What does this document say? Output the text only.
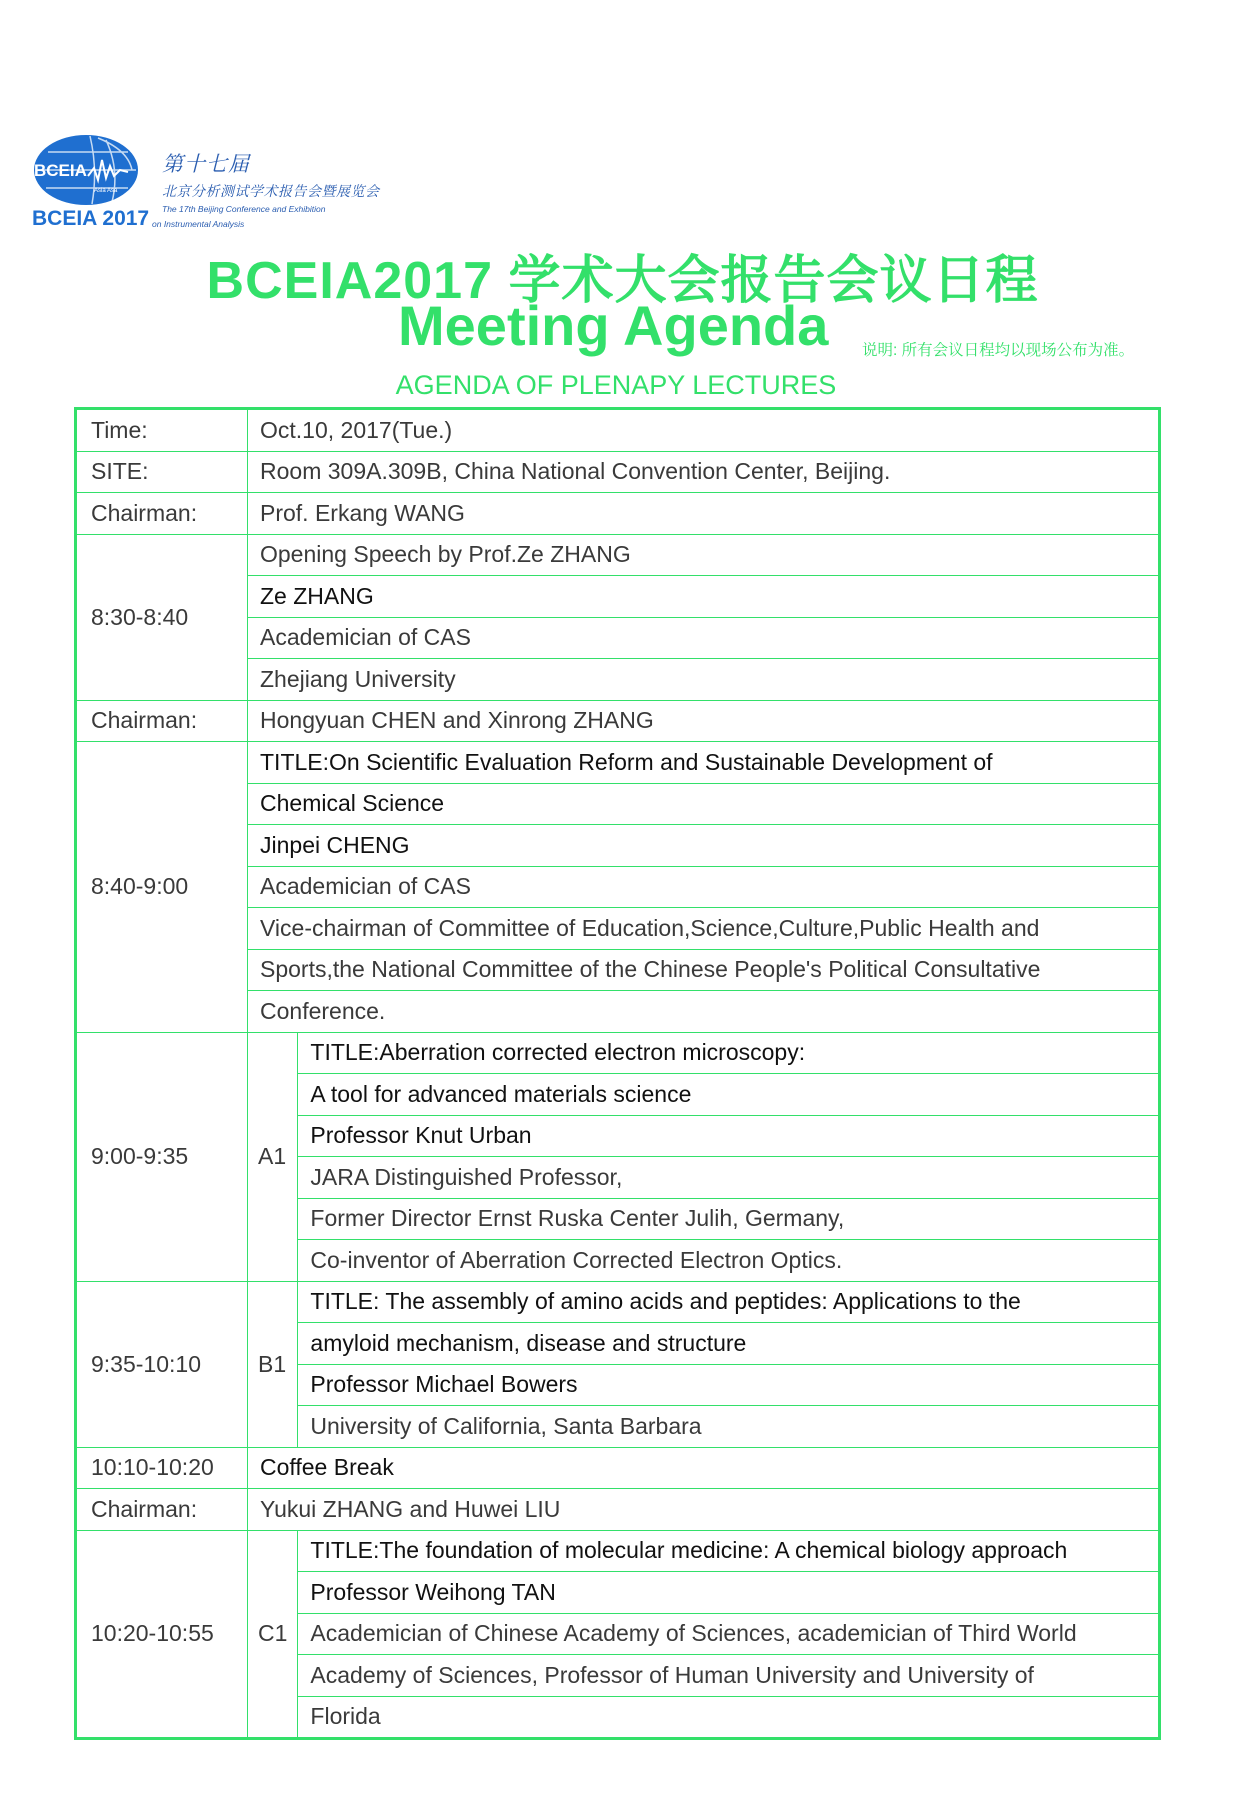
BCEIA
Asia Asa
BCEIA 2017
第十七届
北京分析测试学术报告会暨展览会
The 17th Beijing Conference and Exhibition
on Instrumental Analysis
BCEIA2017 学术大会报告会议日程
Meeting Agenda 说明: 所有会议日程均以现场公布为准。
AGENDA OF PLENAPY LECTURES
Time:	Oct.10, 2017(Tue.)	
SITE:	Room 309A.309B, China National Convention Center, Beijing.	
Chairman:	Prof. Erkang WANG	
8:30-8:40	Opening Speech by Prof.Ze ZHANG	
	Ze ZHANG	
	Academician of CAS	
	Zhejiang University	
Chairman:	Hongyuan CHEN and Xinrong ZHANG	
8:40-9:00	TITLE:On Scientific Evaluation Reform and Sustainable Development of	
	Chemical Science	
	Jinpei CHENG	
	Academician of CAS	
	Vice-chairman of Committee of Education,Science,Culture,Public Health and	
	Sports,the National Committee of the Chinese People's Political Consultative	
	Conference.	
9:00-9:35	A1	TITLE:Aberration corrected electron microscopy:
		A tool for advanced materials science
		Professor Knut Urban
		JARA Distinguished Professor,
		Former Director Ernst Ruska Center Julih, Germany,
		Co-inventor of Aberration Corrected Electron Optics.
9:35-10:10	B1	TITLE: The assembly of amino acids and peptides: Applications to the
		amyloid mechanism, disease and structure
		Professor Michael Bowers
		University of California, Santa Barbara
10:10-10:20	Coffee Break	
Chairman:	Yukui ZHANG and Huwei LIU	
10:20-10:55	C1	TITLE:The foundation of molecular medicine: A chemical biology approach
		Professor Weihong TAN
		Academician of Chinese Academy of Sciences, academician of Third World
		Academy of Sciences, Professor of Human University and University of
		Florida
